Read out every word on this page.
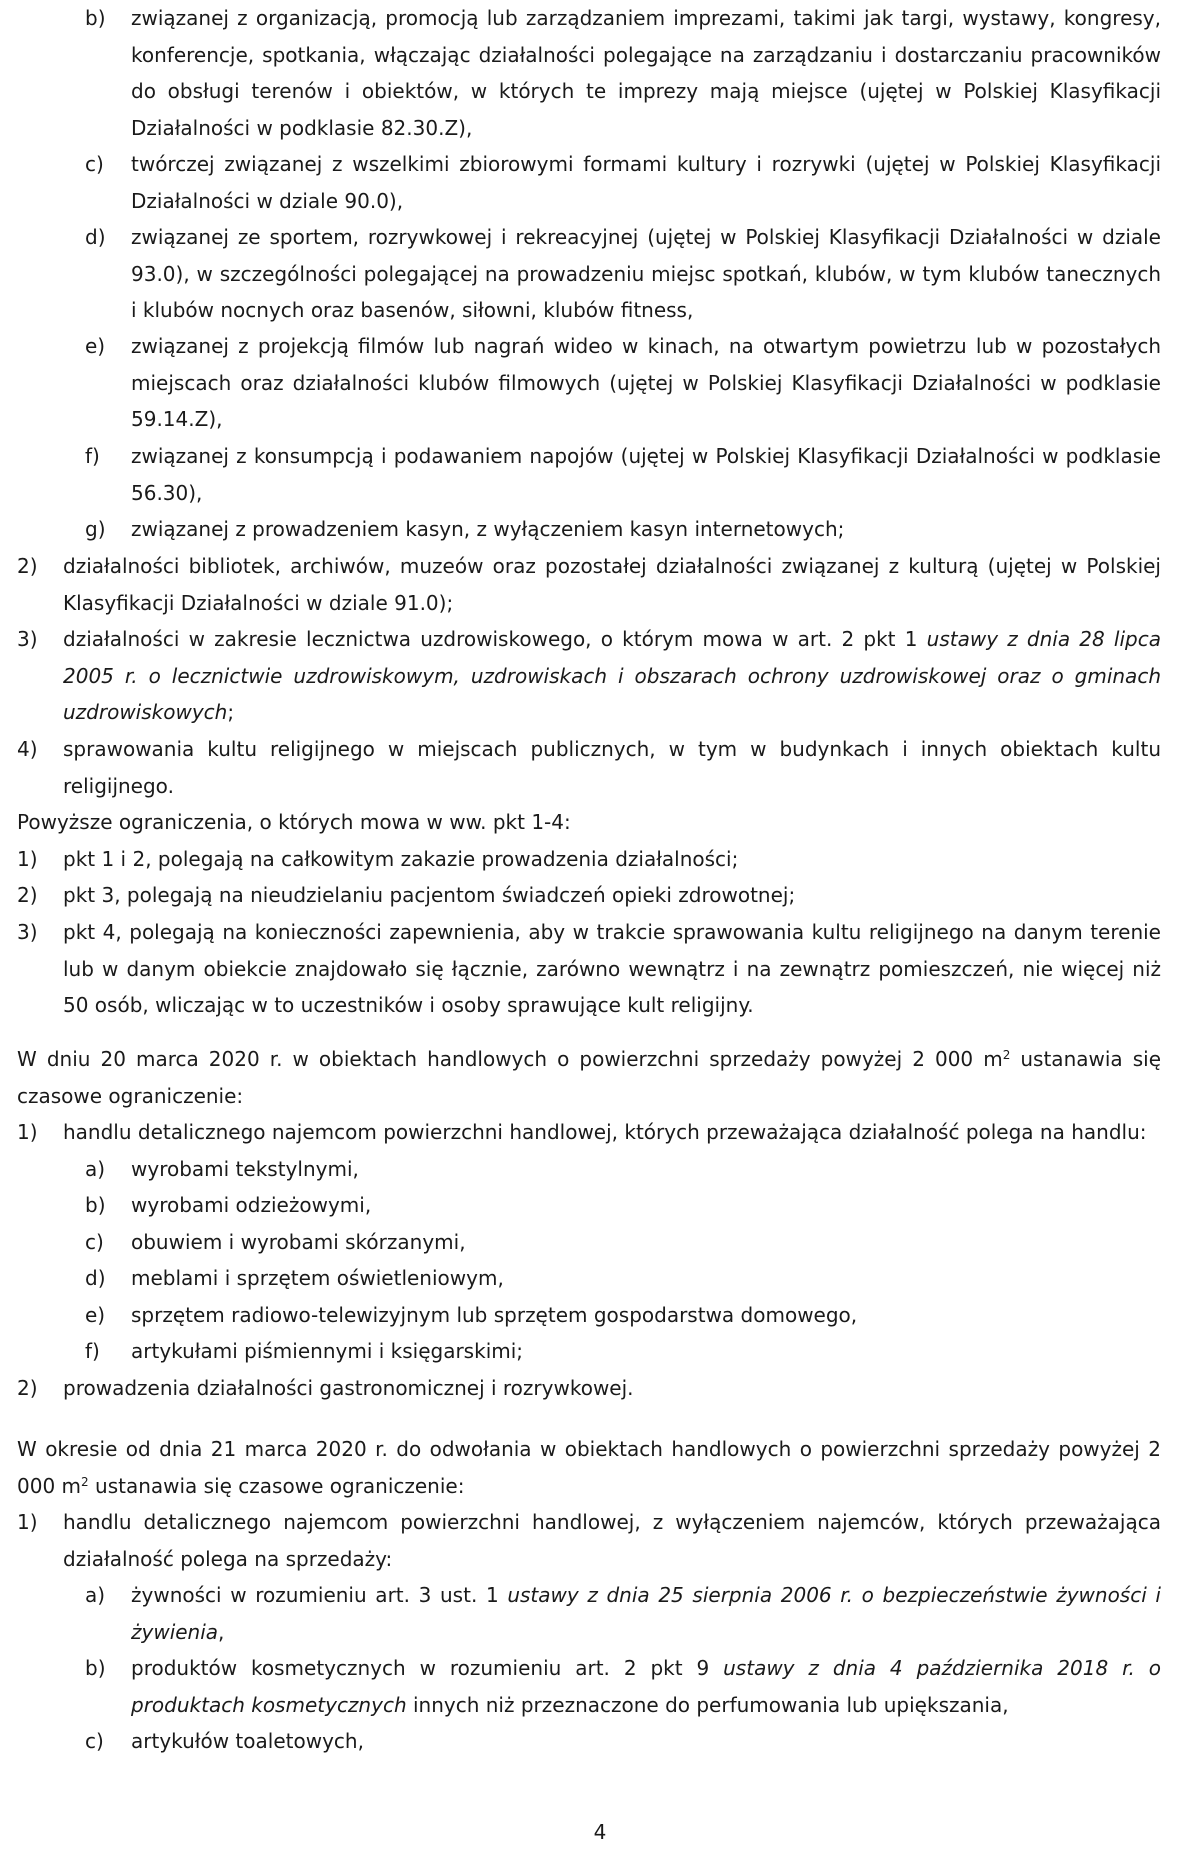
b) związanej z organizacją, promocją lub zarządzaniem imprezami, takimi jak targi, wystawy, kongresy, konferencje, spotkania, włączając działalności polegające na zarządzaniu i dostarczaniu pracowników do obsługi terenów i obiektów, w których te imprezy mają miejsce (ujętej w Polskiej Klasyfikacji Działalności w podklasie 82.30.Z),

c) twórczej związanej z wszelkimi zbiorowymi formami kultury i rozrywki (ujętej w Polskiej Klasyfikacji Działalności w dziale 90.0),

d) związanej ze sportem, rozrywkowej i rekreacyjnej (ujętej w Polskiej Klasyfikacji Działalności w dziale 93.0), w szczególności polegającej na prowadzeniu miejsc spotkań, klubów, w tym klubów tanecznych i klubów nocnych oraz basenów, siłowni, klubów fitness,

e) związanej z projekcją filmów lub nagrań wideo w kinach, na otwartym powietrzu lub w pozostałych miejscach oraz działalności klubów filmowych (ujętej w Polskiej Klasyfikacji Działalności w podklasie 59.14.Z),

f) związanej z konsumpcją i podawaniem napojów (ujętej w Polskiej Klasyfikacji Działalności w podklasie 56.30),

g) związanej z prowadzeniem kasyn, z wyłączeniem kasyn internetowych;

2) działalności bibliotek, archiwów, muzeów oraz pozostałej działalności związanej z kulturą (ujętej w Polskiej Klasyfikacji Działalności w dziale 91.0);

3) działalności w zakresie lecznictwa uzdrowiskowego, o którym mowa w art. 2 pkt 1 ustawy z dnia 28 lipca 2005 r. o lecznictwie uzdrowiskowym, uzdrowiskach i obszarach ochrony uzdrowiskowej oraz o gminach uzdrowiskowych;

4) sprawowania kultu religijnego w miejscach publicznych, w tym w budynkach i innych obiektach kultu religijnego.

Powyższe ograniczenia, o których mowa w ww. pkt 1-4:

1) pkt 1 i 2, polegają na całkowitym zakazie prowadzenia działalności;

2) pkt 3, polegają na nieudzielaniu pacjentom świadczeń opieki zdrowotnej;

3) pkt 4, polegają na konieczności zapewnienia, aby w trakcie sprawowania kultu religijnego na danym terenie lub w danym obiekcie znajdowało się łącznie, zarówno wewnątrz i na zewnątrz pomieszczeń, nie więcej niż 50 osób, wliczając w to uczestników i osoby sprawujące kult religijny.

W dniu 20 marca 2020 r. w obiektach handlowych o powierzchni sprzedaży powyżej 2 000 $m^2$ ustanawia się czasowe ograniczenie:

1) handlu detalicznego najemcom powierzchni handlowej, których przeważająca działalność polega na handlu:

a) wyrobami tekstylnymi,

b) wyrobami odzieżowymi,

c) obuwiem i wyrobami skórzanymi,

d) meblami i sprzętem oświetleniowym,

e) sprzętem radiowo-telewizyjnym lub sprzętem gospodarstwa domowego,

f) artykułami piśmiennymi i księgarskimi;

2) prowadzenia działalności gastronomicznej i rozrywkowej.

W okresie od dnia 21 marca 2020 r. do odwołania w obiektach handlowych o powierzchni sprzedaży powyżej 2 000 $m^2$ ustanawia się czasowe ograniczenie:

1) handlu detalicznego najemcom powierzchni handlowej, z wyłączeniem najemców, których przeważająca działalność polega na sprzedaży:

a) żywności w rozumieniu art. 3 ust. 1 ustawy z dnia 25 sierpnia 2006 r. o bezpieczeństwie żywności i żywienia,

b) produktów kosmetycznych w rozumieniu art. 2 pkt 9 ustawy z dnia 4 października 2018 r. o produktach kosmetycznych innych niż przeznaczone do perfumowania lub upiększania,

c) artykułów toaletowych,

4
